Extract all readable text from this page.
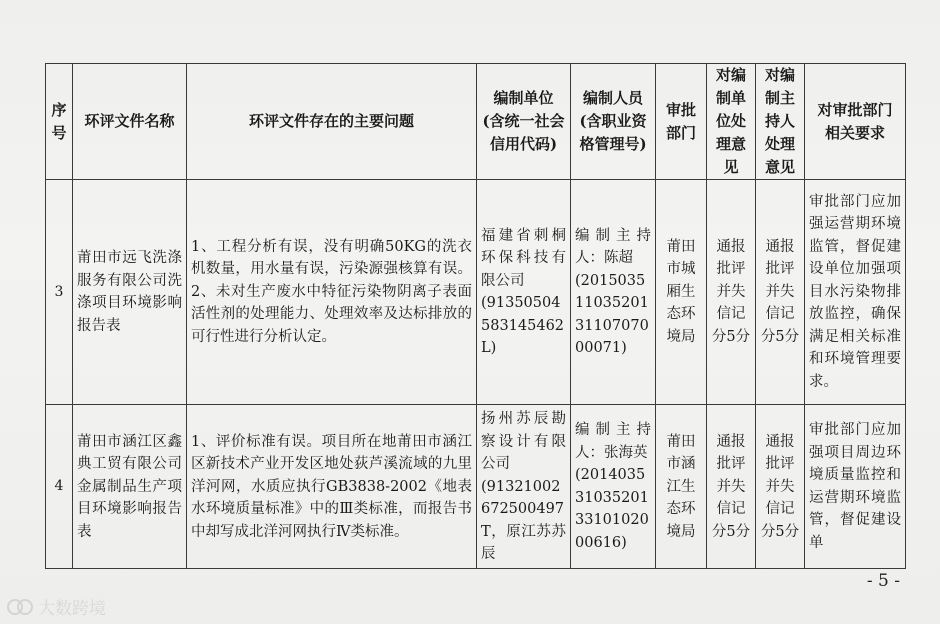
序
号	环评文件名称	环评文件存在的主要问题	编制单位
(含统一社会
信用代码)	编制人员
(含职业资
格管理号)	审批
部门	对编
制单
位处
理意
见	对编
制主
持人
处理
意见	对审批部门
相关要求

3	莆田市远飞洗涤服务有限公司洗涤项目环境影响报告表	1、工程分析有误，没有明确50KG的洗衣机数量，用水量有误，污染源强核算有误。2、未对生产废水中特征污染物阴离子表面活性剂的处理能力、处理效率及达标排放的可行性进行分析认定。	福建省刺桐环保科技有限公司
(91350504583145462L)	编制主持人：陈超
(2015035110352013110707000071)	莆田市城厢生态环境局	通报批评并失信记分5分	通报批评并失信记分5分	审批部门应加强运营期环境监管，督促建设单位加强项目水污染物排放监控，确保满足相关标准和环境管理要求。

4	莆田市涵江区鑫典工贸有限公司金属制品生产项目环境影响报告表	1、评价标准有误。项目所在地莆田市涵江区新技术产业开发区地处荻芦溪流域的九里洋河网，水质应执行GB3838-2002《地表水环境质量标准》中的Ⅲ类标准，而报告书中却写成北洋河网执行Ⅳ类标准。	扬州苏辰勘察设计有限公司
(91321002672500497T，原江苏苏辰	编制主持人：张海英
(2014035310352013310102000616)	莆田市涵江生态环境局	通报批评并失信记分5分	通报批评并失信记分5分	审批部门应加强项目周边环境质量监控和运营期环境监管，督促建设单
- 5 -
大数跨境
